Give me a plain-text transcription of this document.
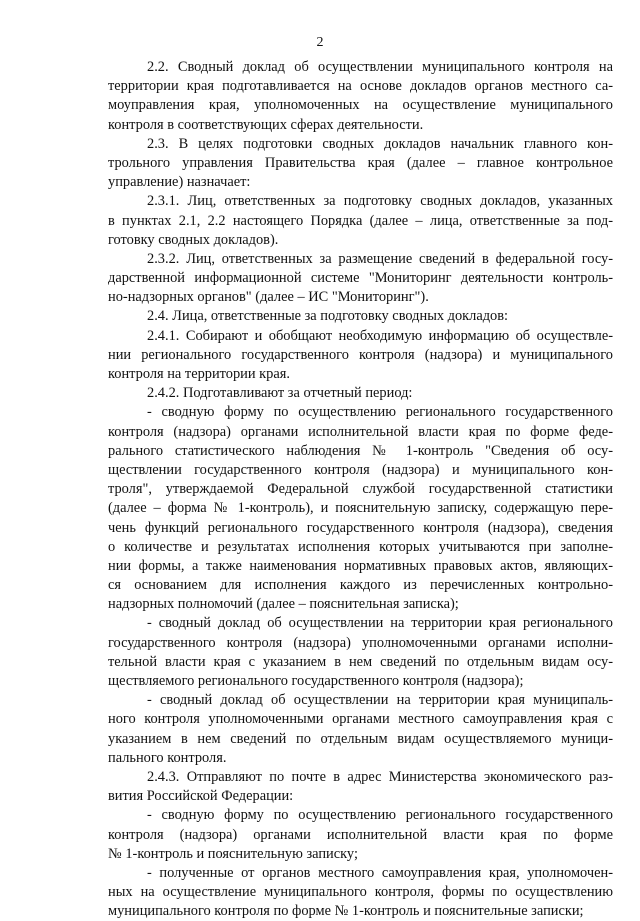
2
2.2. Сводный доклад об осуществлении муниципального контроля на
территории края подготавливается на основе докладов органов местного са-
моуправления края, уполномоченных на осуществление муниципального
контроля в соответствующих сферах деятельности.
2.3. В целях подготовки сводных докладов начальник главного кон-
трольного управления Правительства края (далее – главное контрольное
управление) назначает:
2.3.1. Лиц, ответственных за подготовку сводных докладов, указанных
в пунктах 2.1, 2.2 настоящего Порядка (далее – лица, ответственные за под-
готовку сводных докладов).
2.3.2. Лиц, ответственных за размещение сведений в федеральной госу-
дарственной информационной системе "Мониторинг деятельности контроль-
но-надзорных органов" (далее – ИС "Мониторинг").
2.4. Лица, ответственные за подготовку сводных докладов:
2.4.1. Собирают и обобщают необходимую информацию об осуществле-
нии регионального государственного контроля (надзора) и муниципального
контроля на территории края.
2.4.2. Подготавливают за отчетный период:
- сводную форму по осуществлению регионального государственного
контроля (надзора) органами исполнительной власти края по форме феде-
рального статистического наблюдения № 1-контроль "Сведения об осу-
ществлении государственного контроля (надзора) и муниципального кон-
троля", утверждаемой Федеральной службой государственной статистики
(далее – форма № 1-контроль), и пояснительную записку, содержащую пере-
чень функций регионального государственного контроля (надзора), сведения
о количестве и результатах исполнения которых учитываются при заполне-
нии формы, а также наименования нормативных правовых актов, являющих-
ся основанием для исполнения каждого из перечисленных контрольно-
надзорных полномочий (далее – пояснительная записка);
- сводный доклад об осуществлении на территории края регионального
государственного контроля (надзора) уполномоченными органами исполни-
тельной власти края с указанием в нем сведений по отдельным видам осу-
ществляемого регионального государственного контроля (надзора);
- сводный доклад об осуществлении на территории края муниципаль-
ного контроля уполномоченными органами местного самоуправления края с
указанием в нем сведений по отдельным видам осуществляемого муници-
пального контроля.
2.4.3. Отправляют по почте в адрес Министерства экономического раз-
вития Российской Федерации:
- сводную форму по осуществлению регионального государственного
контроля (надзора) органами исполнительной власти края по форме
№ 1-контроль и пояснительную записку;
- полученные от органов местного самоуправления края, уполномочен-
ных на осуществление муниципального контроля, формы по осуществлению
муниципального контроля по форме № 1-контроль и пояснительные записки;
